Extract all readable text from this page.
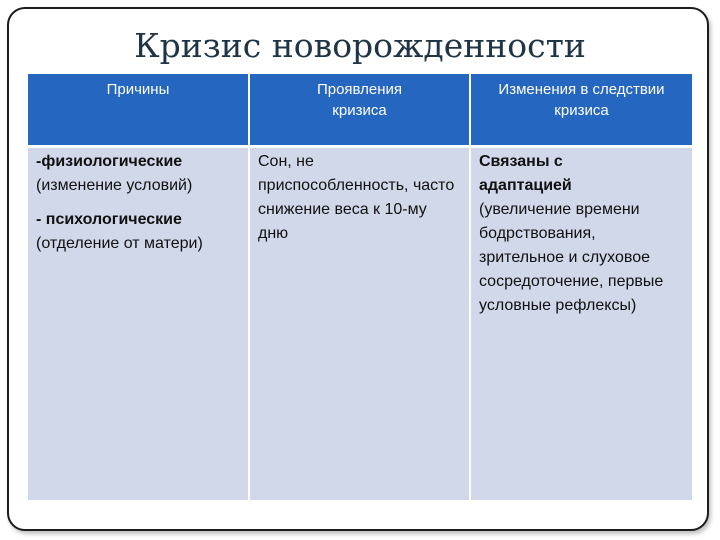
Кризис новорожденности
Причины	Проявления кризиса
Изменения в следствии кризиса

-физиологические

(изменение условий)

- психологические

(отделение от матери)

Сон, не приспособленность, часто снижение веса к 10-му дню

Связаны с адаптацией

(увеличение времени бодрствования, зрительное и слуховое сосредоточение, первые условные рефлексы)
